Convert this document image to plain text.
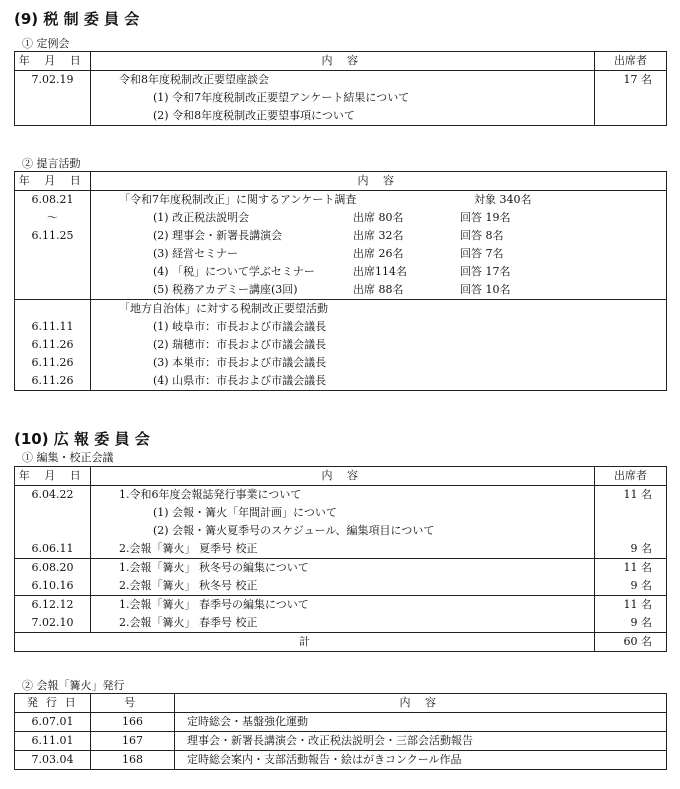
(9) 税 制 委 員 会
① 定例会
年 月 日	内 容	出席者
7.02.19	令和8年度税制改正要望座談会	17 名
	(1) 令和7年度税制改正要望アンケート結果について	
	(2) 令和8年度税制改正要望事項について	
② 提言活動
年 月 日	内 容
6.08.21	「令和7年度税制改正」に関するアンケート調査 対象 340名
〜	(1) 改正税法説明会 出席 80名 回答 19名
6.11.25	(2) 理事会・新署長講演会 出席 32名 回答 8名
	(3) 経営セミナー 出席 26名 回答 7名
	(4) 「税」について学ぶセミナー 出席114名 回答 17名
	(5) 税務アカデミー講座(3回) 出席 88名 回答 10名
	「地方自治体」に対する税制改正要望活動
6.11.11	(1) 岐阜市：市長および市議会議長
6.11.26	(2) 瑞穂市：市長および市議会議長
6.11.26	(3) 本巣市：市長および市議会議長
6.11.26	(4) 山県市：市長および市議会議長
(10) 広 報 委 員 会
① 編集・校正会議
年 月 日	内 容	出席者
6.04.22	1.令和6年度会報誌発行事業について	11 名
	(1) 会報・篝火「年間計画」について	
	(2) 会報・篝火夏季号のスケジュール、編集項目について	
6.06.11	2.会報「篝火」 夏季号 校正	9 名
6.08.20	1.会報「篝火」 秋冬号の編集について	11 名
6.10.16	2.会報「篝火」 秋冬号 校正	9 名
6.12.12	1.会報「篝火」 春季号の編集について	11 名
7.02.10	2.会報「篝火」 春季号 校正	9 名
計		60 名
② 会報「篝火」発行
発 行 日	号	内 容
6.07.01	166	定時総会・基盤強化運動
6.11.01	167	理事会・新署長講演会・改正税法説明会・三部会活動報告
7.03.04	168	定時総会案内・支部活動報告・絵はがきコンクール作品
